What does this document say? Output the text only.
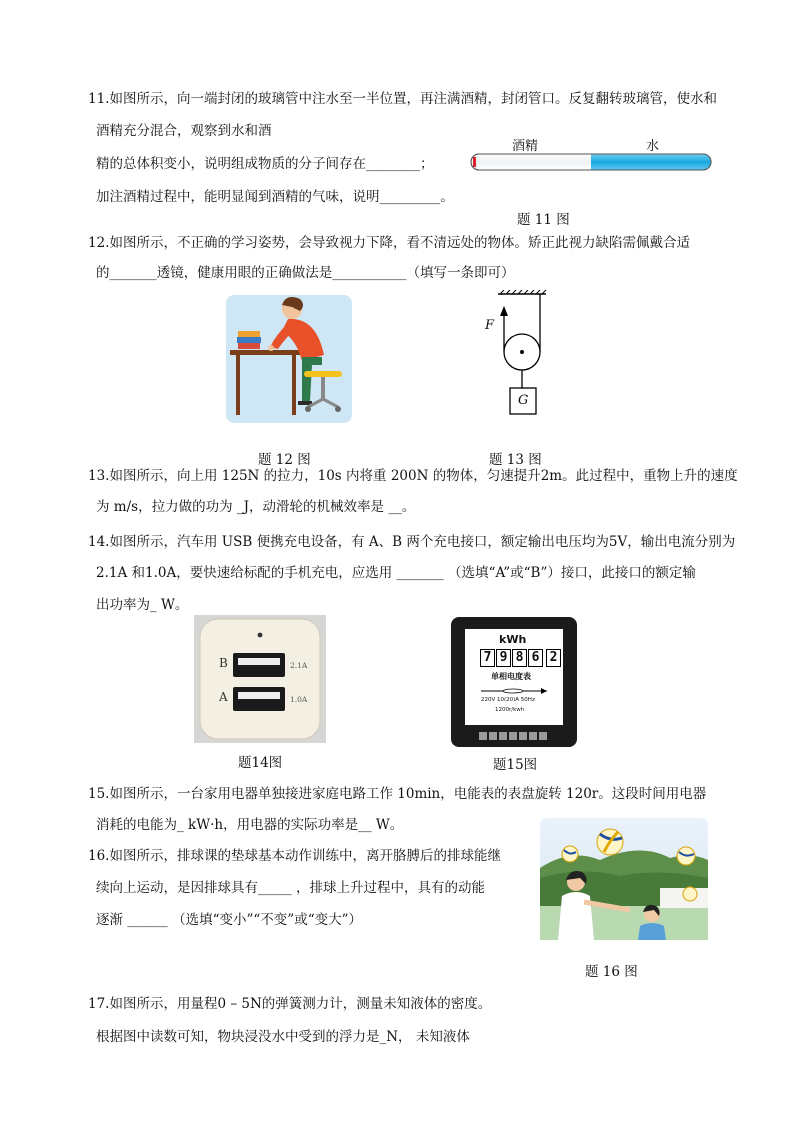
11.如图所示，向一端封闭的玻璃管中注水至一半位置，再注满酒精，封闭管口。反复翻转玻璃管，使水和
酒精充分混合，观察到水和酒
精的总体积变小，说明组成物质的分子间存在________；
加注酒精过程中，能明显闻到酒精的气味，说明_________。
酒精	水
题 11 图
12.如图所示，不正确的学习姿势，会导致视力下降，看不清远处的物体。矫正此视力缺陷需佩戴合适
的_______透镜，健康用眼的正确做法是___________（填写一条即可）
F
G
题 12 图	题 13 图
13.如图所示，向上用 125N 的拉力，10s 内将重 200N 的物体，匀速提升2m。此过程中，重物上升的速度
为 m/s，拉力做的功为 _J，动滑轮的机械效率是 __。
14.如图所示，汽车用 USB 便携充电设备，有 A、B 两个充电接口，额定输出电压均为5V，输出电流分别为
2.1A 和1.0A，要快速给标配的手机充电，应选用 _______ （选填“A”或“B”）接口，此接口的额定输
出功率为_ W。
B
A
2.1A
1.0A
题14图
kWh
7 9 8 6 2
单相电度表
220V 10(20)A 50Hz
1200r/kwh
题15图
15.如图所示，一台家用电器单独接进家庭电路工作 10min，电能表的表盘旋转 120r。这段时间用电器
消耗的电能为_ kW·h，用电器的实际功率是__ W。
16.如图所示，排球课的垫球基本动作训练中，离开胳膊后的排球能继
续向上运动，是因排球具有_____ ，排球上升过程中，具有的动能
逐渐 ______ （选填“变小”“不变”或“变大”）
题 16 图
17.如图所示，用量程0 – 5N的弹簧测力计，测量未知液体的密度。
根据图中读数可知，物块浸没水中受到的浮力是_N， 未知液体
